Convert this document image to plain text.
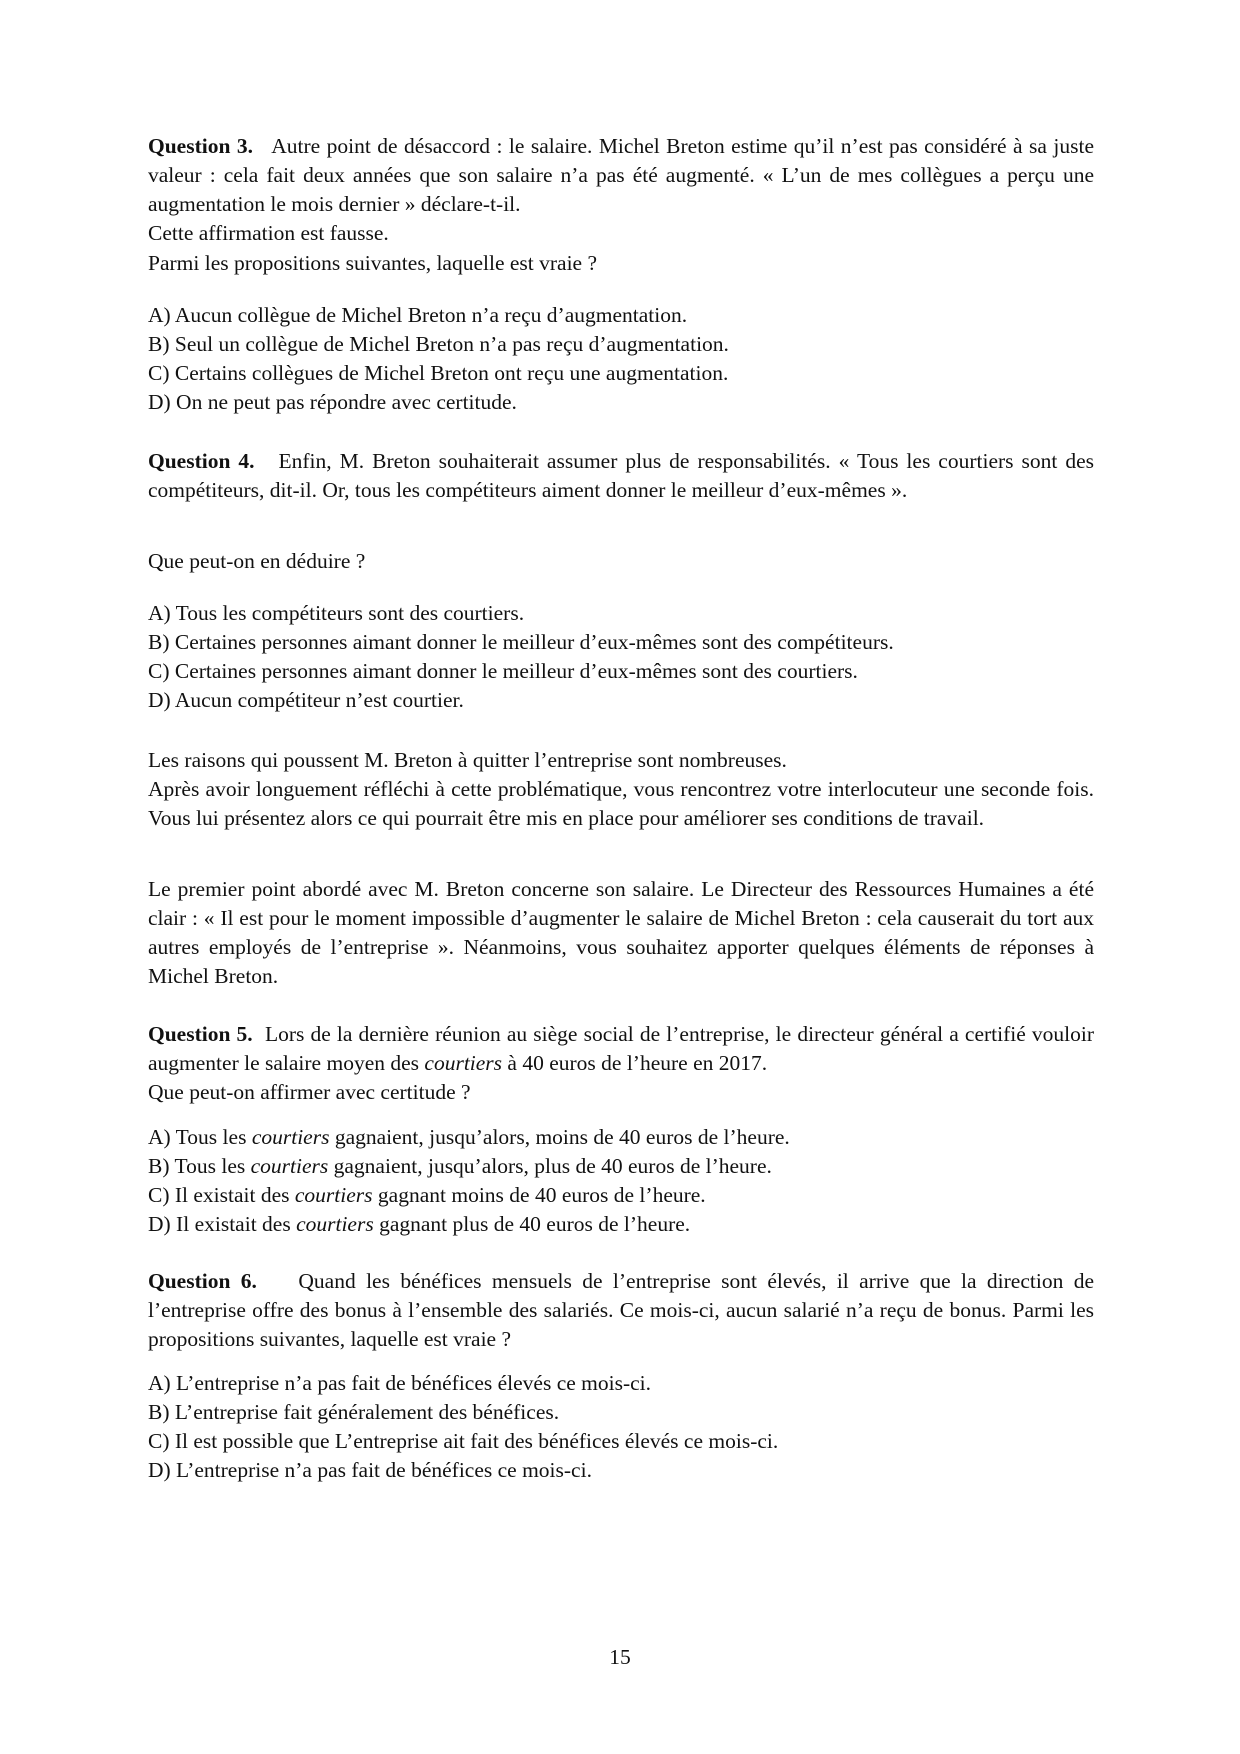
Question 3. Autre point de désaccord : le salaire. Michel Breton estime qu’il n’est pas considéré à sa juste valeur : cela fait deux années que son salaire n’a pas été augmenté. « L’un de mes collègues a perçu une augmentation le mois dernier » déclare-t-il.
Cette affirmation est fausse.

Parmi les propositions suivantes, laquelle est vraie ?

A) Aucun collègue de Michel Breton n’a reçu d’augmentation.

B) Seul un collègue de Michel Breton n’a pas reçu d’augmentation.

C) Certains collègues de Michel Breton ont reçu une augmentation.

D) On ne peut pas répondre avec certitude.

Question 4. Enfin, M. Breton souhaiterait assumer plus de responsabilités. « Tous les courtiers sont des compétiteurs, dit-il. Or, tous les compétiteurs aiment donner le meilleur d’eux-mêmes ».

Que peut-on en déduire ?

A) Tous les compétiteurs sont des courtiers.

B) Certaines personnes aimant donner le meilleur d’eux-mêmes sont des compétiteurs.

C) Certaines personnes aimant donner le meilleur d’eux-mêmes sont des courtiers.

D) Aucun compétiteur n’est courtier.

Les raisons qui poussent M. Breton à quitter l’entreprise sont nombreuses.

Après avoir longuement réfléchi à cette problématique, vous rencontrez votre interlocuteur une seconde fois. Vous lui présentez alors ce qui pourrait être mis en place pour améliorer ses conditions de travail.

Le premier point abordé avec M. Breton concerne son salaire. Le Directeur des Ressources Humaines a été clair : « Il est pour le moment impossible d’augmenter le salaire de Michel Breton : cela causerait du tort aux autres employés de l’entreprise ». Néanmoins, vous souhaitez apporter quelques éléments de réponses à Michel Breton.

Question 5. Lors de la dernière réunion au siège social de l’entreprise, le directeur général a certifié vouloir augmenter le salaire moyen des courtiers à 40 euros de l’heure en 2017.
Que peut-on affirmer avec certitude ?

A) Tous les courtiers gagnaient, jusqu’alors, moins de 40 euros de l’heure.

B) Tous les courtiers gagnaient, jusqu’alors, plus de 40 euros de l’heure.

C) Il existait des courtiers gagnant moins de 40 euros de l’heure.

D) Il existait des courtiers gagnant plus de 40 euros de l’heure.

Question 6. Quand les bénéfices mensuels de l’entreprise sont élevés, il arrive que la direction de l’entreprise offre des bonus à l’ensemble des salariés. Ce mois-ci, aucun salarié n’a reçu de bonus. Parmi les propositions suivantes, laquelle est vraie ?

A) L’entreprise n’a pas fait de bénéfices élevés ce mois-ci.

B) L’entreprise fait généralement des bénéfices.

C) Il est possible que L’entreprise ait fait des bénéfices élevés ce mois-ci.

D) L’entreprise n’a pas fait de bénéfices ce mois-ci.

15
